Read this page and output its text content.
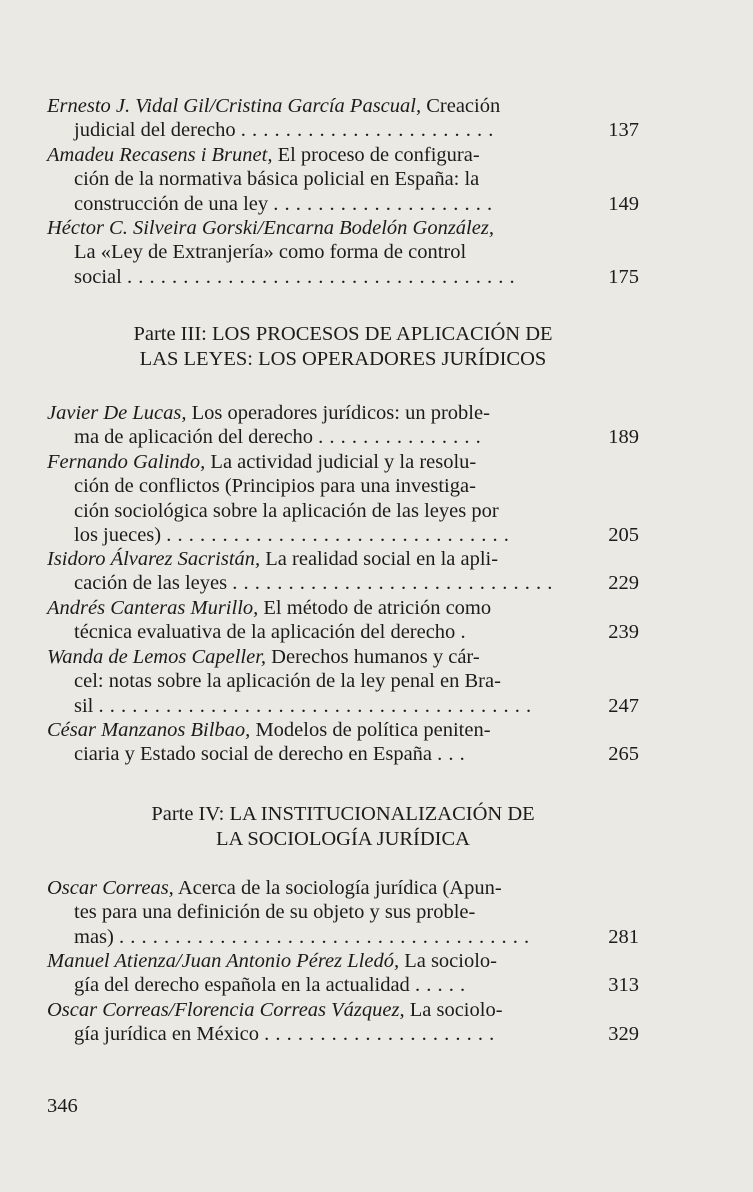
Ernesto J. Vidal Gil/Cristina García Pascual, Creación
judicial del derecho . . . . . . . . . . . . . . . . . . . . . . .	137
Amadeu Recasens i Brunet, El proceso de configura-
ción de la normativa básica policial en España: la
construcción de una ley . . . . . . . . . . . . . . . . . . . .	149
Héctor C. Silveira Gorski/Encarna Bodelón González,
La «Ley de Extranjería» como forma de control
social . . . . . . . . . . . . . . . . . . . . . . . . . . . . . . . . . . .	175
Parte III: LOS PROCESOS DE APLICACIÓN DE
LAS LEYES: LOS OPERADORES JURÍDICOS
Javier De Lucas, Los operadores jurídicos: un proble-
ma de aplicación del derecho . . . . . . . . . . . . . . .	189
Fernando Galindo, La actividad judicial y la resolu-
ción de conflictos (Principios para una investiga-
ción sociológica sobre la aplicación de las leyes por
los jueces) . . . . . . . . . . . . . . . . . . . . . . . . . . . . . . .	205
Isidoro Álvarez Sacristán, La realidad social en la apli-
cación de las leyes . . . . . . . . . . . . . . . . . . . . . . . . . . . . .	229
Andrés Canteras Murillo, El método de atrición como
técnica evaluativa de la aplicación del derecho .	239
Wanda de Lemos Capeller, Derechos humanos y cár-
cel: notas sobre la aplicación de la ley penal en Bra-
sil . . . . . . . . . . . . . . . . . . . . . . . . . . . . . . . . . . . . . . .	247
César Manzanos Bilbao, Modelos de política peniten-
ciaria y Estado social de derecho en España . . .	265
Parte IV: LA INSTITUCIONALIZACIÓN DE
LA SOCIOLOGÍA JURÍDICA
Oscar Correas, Acerca de la sociología jurídica (Apun-
tes para una definición de su objeto y sus proble-
mas) . . . . . . . . . . . . . . . . . . . . . . . . . . . . . . . . . . . . .	281
Manuel Atienza/Juan Antonio Pérez Lledó, La sociolo-
gía del derecho española en la actualidad . . . . .	313
Oscar Correas/Florencia Correas Vázquez, La sociolo-
gía jurídica en México . . . . . . . . . . . . . . . . . . . . .	329
346
